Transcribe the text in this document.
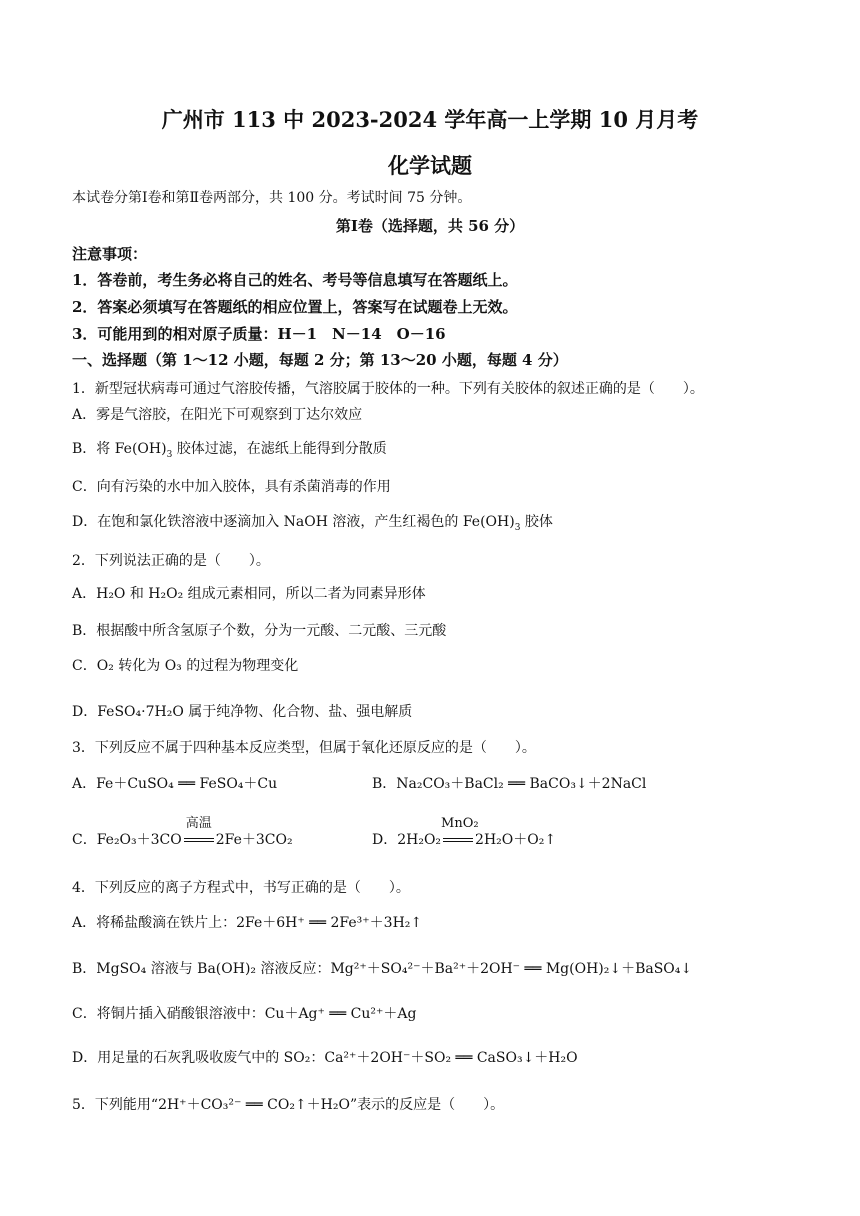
广州市 113 中 2023-2024 学年高一上学期 10 月月考
化学试题
本试卷分第Ⅰ卷和第Ⅱ卷两部分，共 100 分。考试时间 75 分钟。
第Ⅰ卷（选择题，共 56 分）
注意事项：
1．答卷前，考生务必将自己的姓名、考号等信息填写在答题纸上。
2．答案必须填写在答题纸的相应位置上，答案写在试题卷上无效。
3．可能用到的相对原子质量：H－1　N－14　O－16
一、选择题（第 1～12 小题，每题 2 分；第 13～20 小题，每题 4 分）
1．新型冠状病毒可通过气溶胶传播，气溶胶属于胶体的一种。下列有关胶体的叙述正确的是（　　）。
A．雾是气溶胶，在阳光下可观察到丁达尔效应
B．将 $Fe(OH)_3$ 胶体过滤，在滤纸上能得到分散质
C．向有污染的水中加入胶体，具有杀菌消毒的作用
D．在饱和氯化铁溶液中逐滴加入 NaOH 溶液，产生红褐色的 $Fe(OH)_3$ 胶体
2．下列说法正确的是（　　）。
A．H₂O 和 H₂O₂ 组成元素相同，所以二者为同素异形体
B．根据酸中所含氢原子个数，分为一元酸、二元酸、三元酸
C．O₂ 转化为 O₃ 的过程为物理变化
D．FeSO₄·7H₂O 属于纯净物、化合物、盐、强电解质
3．下列反应不属于四种基本反应类型，但属于氧化还原反应的是（　　）。
A．Fe＋CuSO₄ ══ FeSO₄＋Cu	B．Na₂CO₃＋BaCl₂ ══ BaCO₃↓＋2NaCl
C．Fe₂O₃＋3CO
高温
2Fe＋3CO₂	D．2H₂O₂
MnO₂
2H₂O＋O₂↑
4．下列反应的离子方程式中，书写正确的是（　　）。
A．将稀盐酸滴在铁片上：2Fe＋6H⁺ ══ 2Fe³⁺＋3H₂↑
B．MgSO₄ 溶液与 Ba(OH)₂ 溶液反应：Mg²⁺＋SO₄²⁻＋Ba²⁺＋2OH⁻ ══ Mg(OH)₂↓＋BaSO₄↓
C．将铜片插入硝酸银溶液中：Cu＋Ag⁺ ══ Cu²⁺＋Ag
D．用足量的石灰乳吸收废气中的 SO₂：Ca²⁺＋2OH⁻＋SO₂ ══ CaSO₃↓＋H₂O
5．下列能用“2H⁺＋CO₃²⁻ ══ CO₂↑＋H₂O”表示的反应是（　　）。
